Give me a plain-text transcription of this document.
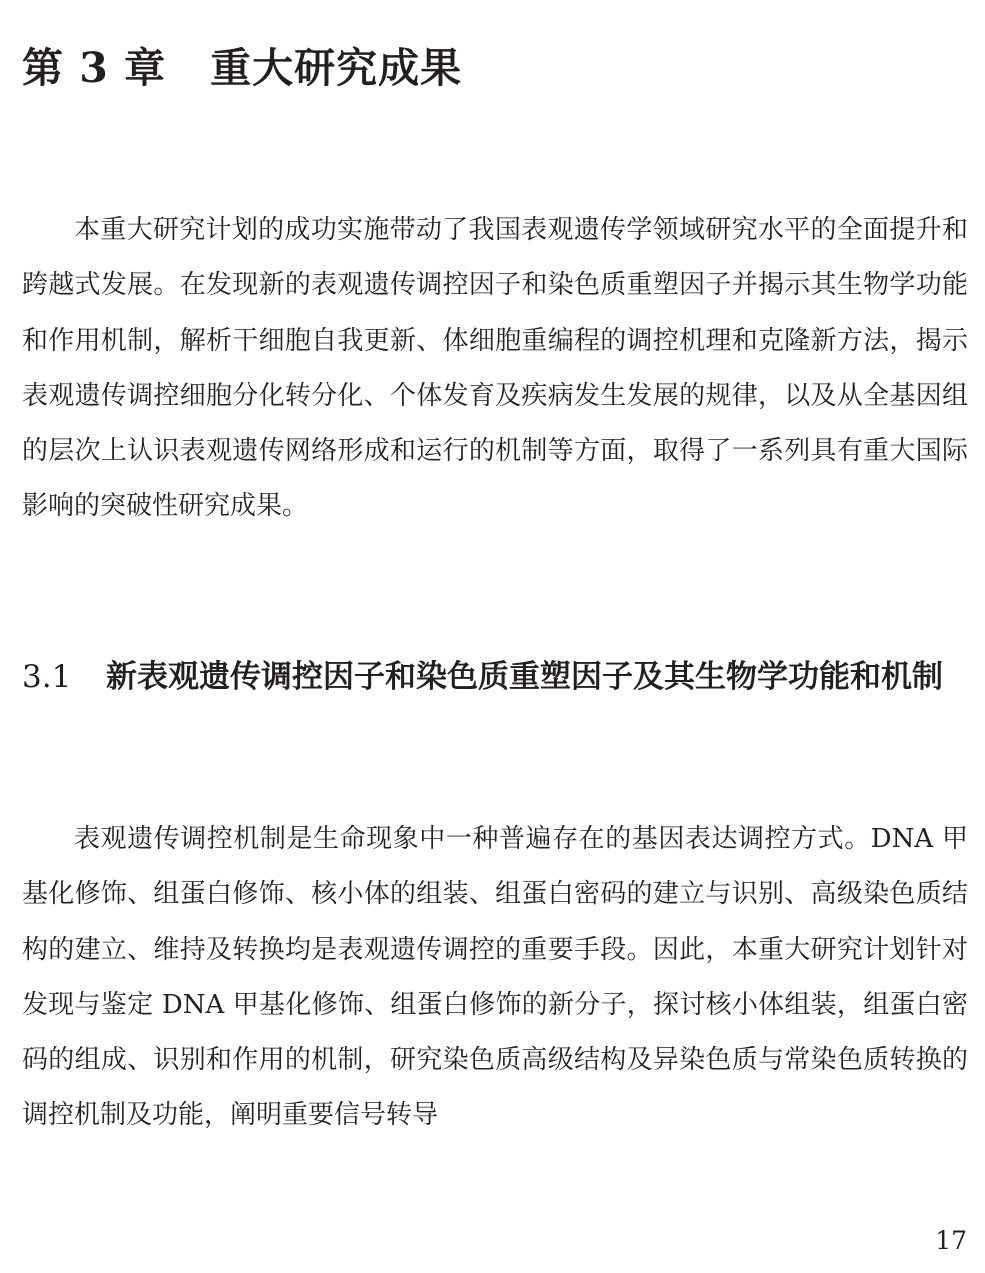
第 3 章 重大研究成果

本重大研究计划的成功实施带动了我国表观遗传学领域研究水平的全面提升和跨越式发展。在发现新的表观遗传调控因子和染色质重塑因子并揭示其生物学功能和作用机制，解析干细胞自我更新、体细胞重编程的调控机理和克隆新方法，揭示表观遗传调控细胞分化转分化、个体发育及疾病发生发展的规律，以及从全基因组的层次上认识表观遗传网络形成和运行的机制等方面，取得了一系列具有重大国际影响的突破性研究成果。

3.1 新表观遗传调控因子和染色质重塑因子及其生物学功能和机制

表观遗传调控机制是生命现象中一种普遍存在的基因表达调控方式。DNA 甲基化修饰、组蛋白修饰、核小体的组装、组蛋白密码的建立与识别、高级染色质结构的建立、维持及转换均是表观遗传调控的重要手段。因此，本重大研究计划针对发现与鉴定 DNA 甲基化修饰、组蛋白修饰的新分子，探讨核小体组装，组蛋白密码的组成、识别和作用的机制，研究染色质高级结构及异染色质与常染色质转换的调控机制及功能，阐明重要信号转导

17
